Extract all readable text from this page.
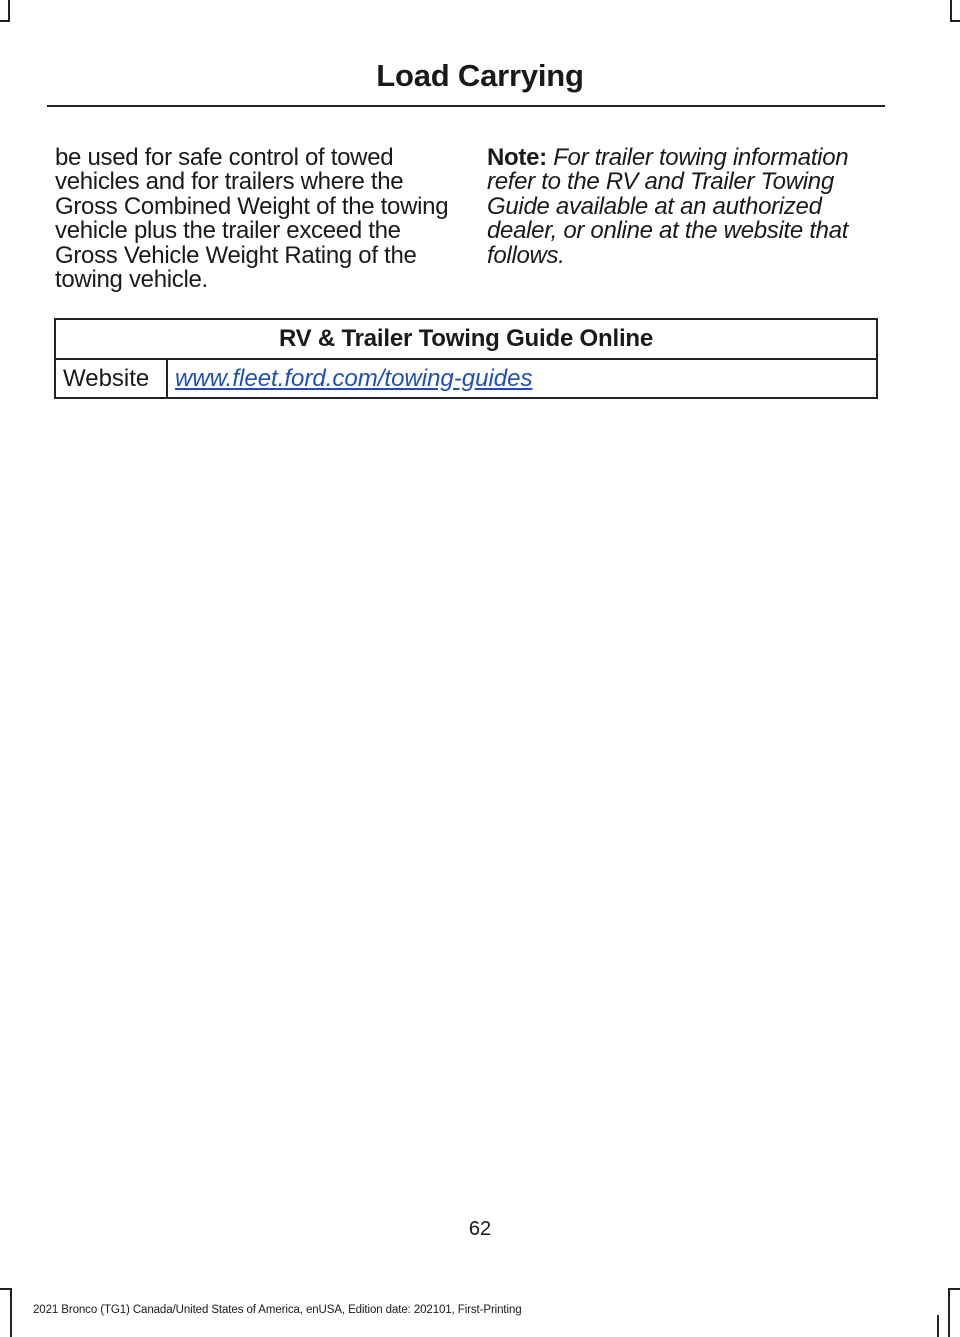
Load Carrying
be used for safe control of towed vehicles and for trailers where the Gross Combined Weight of the towing vehicle plus the trailer exceed the Gross Vehicle Weight Rating of the towing vehicle.
Note: For trailer towing information refer to the RV and Trailer Towing Guide available at an authorized dealer, or online at the website that follows.
RV & Trailer Towing Guide Online
Website	www.fleet.ford.com/towing-guides
62
2021 Bronco (TG1) Canada/United States of America, enUSA, Edition date: 202101, First-Printing
